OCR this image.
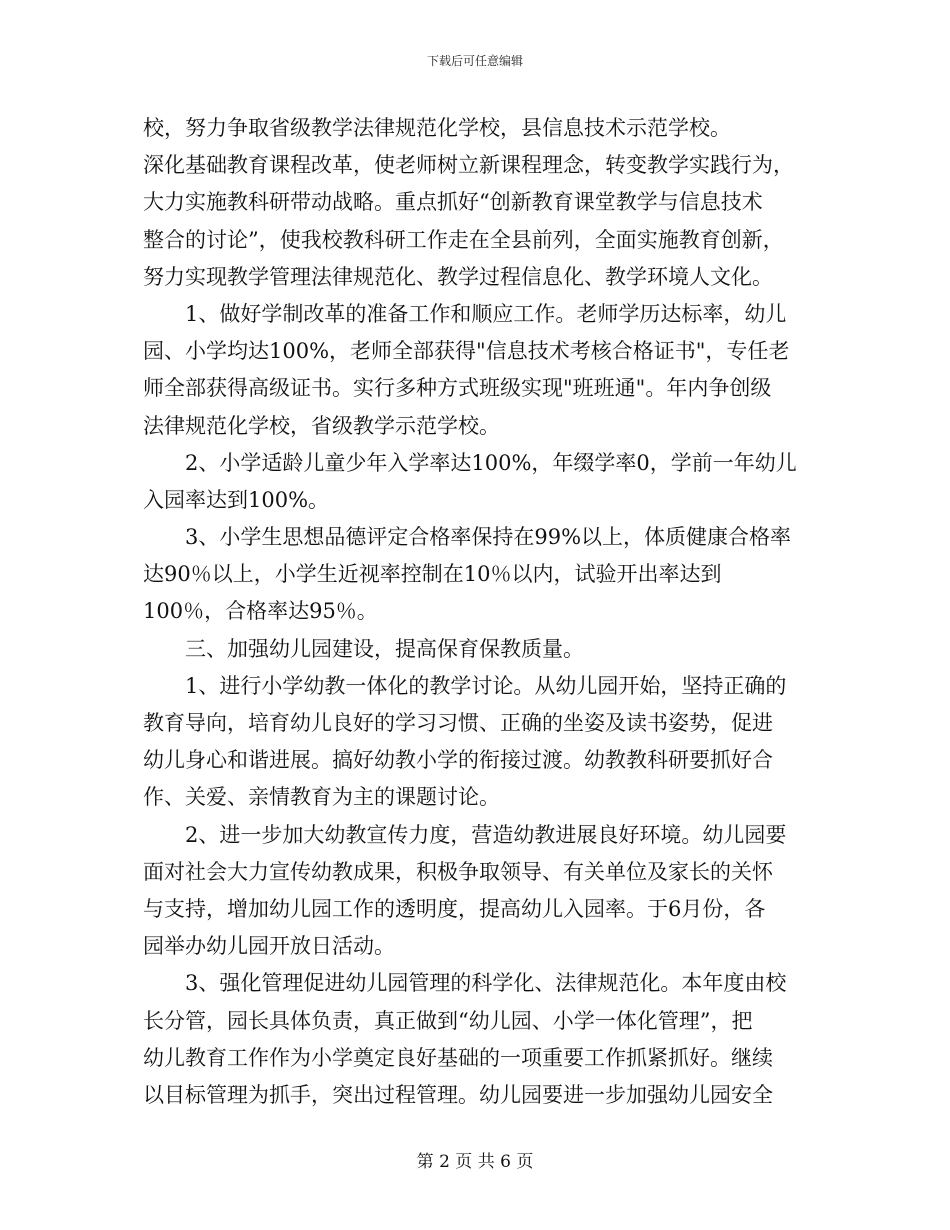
下载后可任意编辑
校，努力争取省级教学法律规范化学校，县信息技术示范学校。
深化基础教育课程改革，使老师树立新课程理念，转变教学实践行为，
大力实施教科研带动战略。重点抓好“创新教育课堂教学与信息技术
整合的讨论”，使我校教科研工作走在全县前列，全面实施教育创新，
努力实现教学管理法律规范化、教学过程信息化、教学环境人文化。
1、做好学制改革的准备工作和顺应工作。老师学历达标率，幼儿
园、小学均达100%，老师全部获得"信息技术考核合格证书"，专任老
师全部获得高级证书。实行多种方式班级实现"班班通"。年内争创级
法律规范化学校，省级教学示范学校。
2、小学适龄儿童少年入学率达100%，年缀学率0，学前一年幼儿
入园率达到100%。
3、小学生思想品德评定合格率保持在99%以上，体质健康合格率
达90％以上，小学生近视率控制在10％以内，试验开出率达到
100％，合格率达95％。
三、加强幼儿园建设，提高保育保教质量。
1、进行小学幼教一体化的教学讨论。从幼儿园开始，坚持正确的
教育导向，培育幼儿良好的学习习惯、正确的坐姿及读书姿势，促进
幼儿身心和谐进展。搞好幼教小学的衔接过渡。幼教教科研要抓好合
作、关爱、亲情教育为主的课题讨论。
2、进一步加大幼教宣传力度，营造幼教进展良好环境。幼儿园要
面对社会大力宣传幼教成果，积极争取领导、有关单位及家长的关怀
与支持，增加幼儿园工作的透明度，提高幼儿入园率。于6月份，各
园举办幼儿园开放日活动。
3、强化管理促进幼儿园管理的科学化、法律规范化。本年度由校
长分管，园长具体负责，真正做到“幼儿园、小学一体化管理”，把
幼儿教育工作作为小学奠定良好基础的一项重要工作抓紧抓好。继续
以目标管理为抓手，突出过程管理。幼儿园要进一步加强幼儿园安全
第 2 页 共 6 页
